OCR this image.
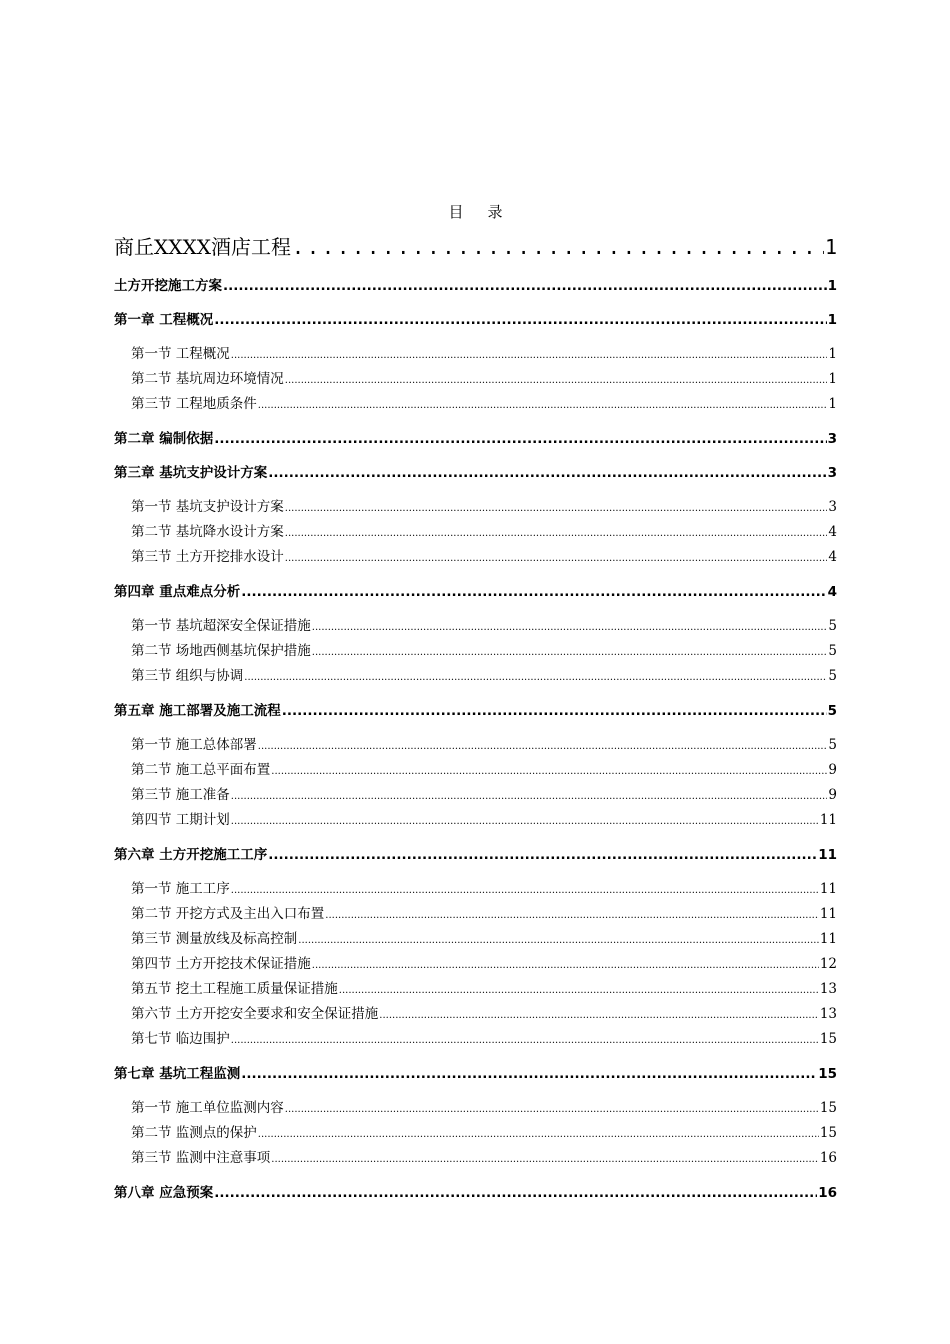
目 录
商丘XXXX酒店工程 .....	1
土方开挖施工方案 .....	1
第一章 工程概况 .....	1
第一节 工程概况 .....	1
第二节 基坑周边环境情况 .....	1
第三节 工程地质条件 .....	1
第二章 编制依据 .....	3
第三章 基坑支护设计方案 .....	3
第一节 基坑支护设计方案 .....	3
第二节 基坑降水设计方案 .....	4
第三节 土方开挖排水设计 .....	4
第四章 重点难点分析 .....	4
第一节 基坑超深安全保证措施 .....	5
第二节 场地西侧基坑保护措施 .....	5
第三节 组织与协调 .....	5
第五章 施工部署及施工流程 .....	5
第一节 施工总体部署 .....	5
第二节 施工总平面布置 .....	9
第三节 施工准备 .....	9
第四节 工期计划 .....	11
第六章 土方开挖施工工序 .....	11
第一节 施工工序 .....	11
第二节 开挖方式及主出入口布置 .....	11
第三节 测量放线及标高控制 .....	11
第四节 土方开挖技术保证措施 .....	12
第五节 挖土工程施工质量保证措施 .....	13
第六节 土方开挖安全要求和安全保证措施 .....	13
第七节 临边围护 .....	15
第七章 基坑工程监测 .....	15
第一节 施工单位监测内容 .....	15
第二节 监测点的保护 .....	15
第三节 监测中注意事项 .....	16
第八章 应急预案 .....	16
